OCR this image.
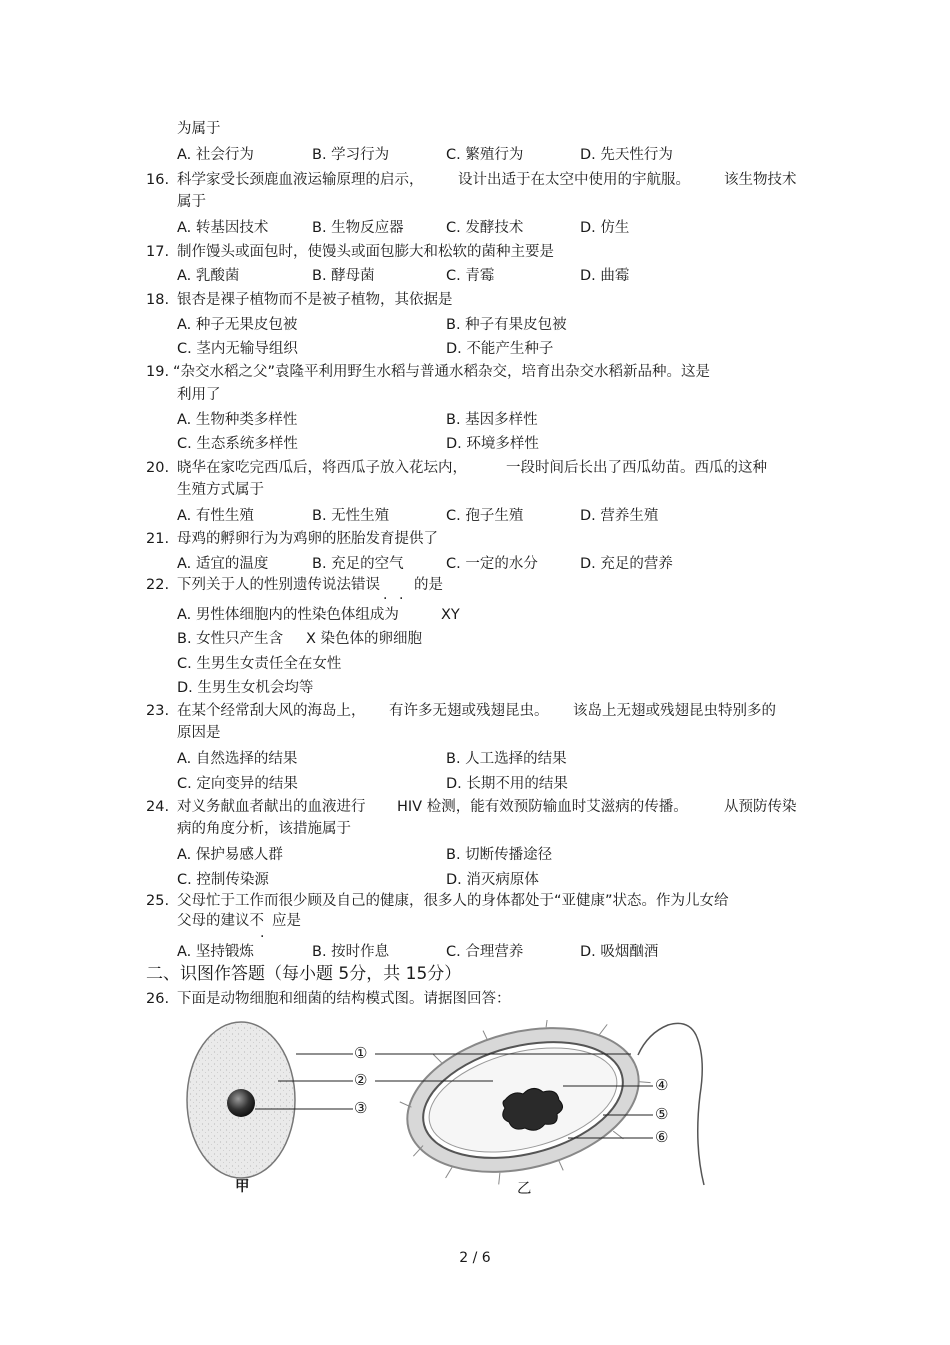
为属于
A. 社会行为	B. 学习行为	C. 繁殖行为	D. 先天性行为
16. 科学家受长颈鹿血液运输原理的启示， 设计出适于在太空中使用的宇航服。 该生物技术
属于
A. 转基因技术	B. 生物反应器	C. 发酵技术	D. 仿生
17. 制作馒头或面包时，使馒头或面包膨大和松软的菌种主要是
A. 乳酸菌	B. 酵母菌	C. 青霉	D. 曲霉
18. 银杏是裸子植物而不是被子植物，其依据是
A. 种子无果皮包被	B. 种子有果皮包被
C. 茎内无输导组织	D. 不能产生种子
19. “杂交水稻之父”袁隆平利用野生水稻与普通水稻杂交，培育出杂交水稻新品种。这是
利用了
A. 生物种类多样性	B. 基因多样性
C. 生态系统多样性	D. 环境多样性
20. 晓华在家吃完西瓜后，将西瓜子放入花坛内，	一段时间后长出了西瓜幼苗。西瓜的这种
生殖方式属于
A. 有性生殖	B. 无性生殖	C. 孢子生殖	D. 营养生殖
21. 母鸡的孵卵行为为鸡卵的胚胎发育提供了
A. 适宜的温度	B. 充足的空气	C. 一定的水分	D. 充足的营养
22. 下列关于人的性别遗传说法错误
. .
的是
A. 男性体细胞内的性染色体组成为	XY
B. 女性只产生含 X 染色体的卵细胞
C. 生男生女责任全在女性
D. 生男生女机会均等
23. 在某个经常刮大风的海岛上， 有许多无翅或残翅昆虫。 该岛上无翅或残翅昆虫特别多的
原因是
A. 自然选择的结果	B. 人工选择的结果
C. 定向变异的结果	D. 长期不用的结果
24. 对义务献血者献出的血液进行 HIV 检测，能有效预防输血时艾滋病的传播。	从预防传染
病的角度分析，该措施属于
A. 保护易感人群	B. 切断传播途径
C. 控制传染源	D. 消灭病原体
25. 父母忙于工作而很少顾及自己的健康，很多人的身体都处于“亚健康”状态。作为儿女给
父母的建议不
.
应是
A. 坚持锻炼	B. 按时作息	C. 合理营养	D. 吸烟酗酒
二、识图作答题（每小题 5分，共 15分）
26. 下面是动物细胞和细菌的结构模式图。请据图回答：
①
②
③
④
⑤
⑥
甲	乙
2 / 6
